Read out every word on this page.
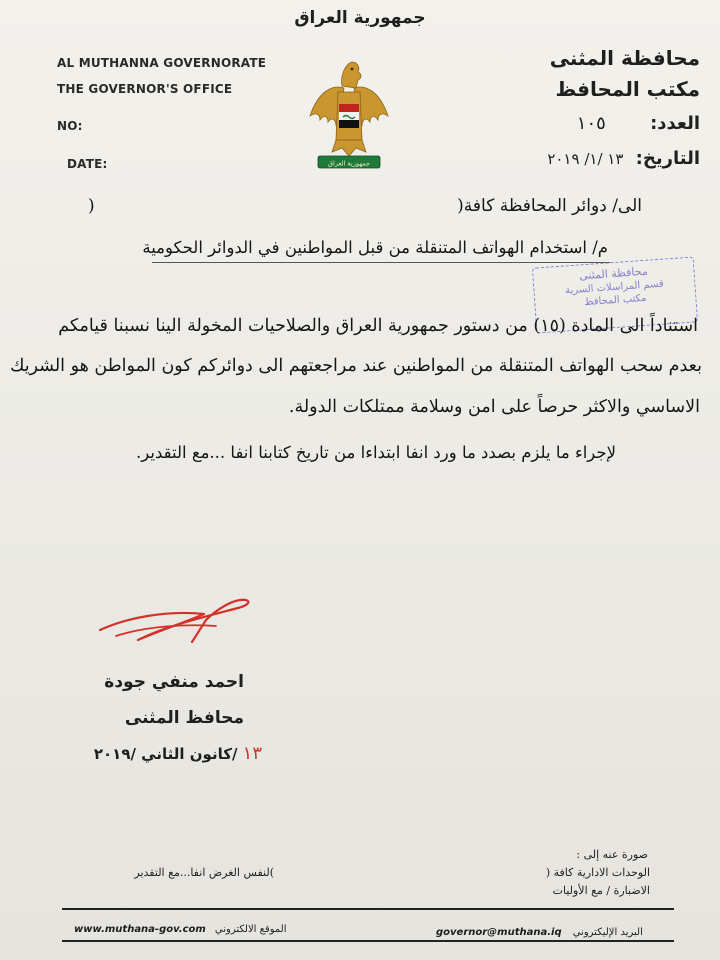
جمهورية العراق
AL MUTHANNA GOVERNORATE
THE GOVERNOR'S OFFICE
NO:
DATE:
محافظة المثنى
مكتب المحافظ
العدد: ١٠٥
التاريخ: ١٣ /١/ ٢٠١٩
جمهورية العراق
الى/ دوائر المحافظة كافة(
)
م/ استخدام الهواتف المتنقلة من قبل المواطنين في الدوائر الحكومية
محافظة المثنى
قسم المراسلات السرية
مكتب المحافظ
استناداً الى المادة (١٥) من دستور جمهورية العراق والصلاحيات المخولة الينا نسبنا قيامكم
بعدم سحب الهواتف المتنقلة من المواطنين عند مراجعتهم الى دوائركم كون المواطن هو الشريك
الاساسي والاكثر حرصاً على امن وسلامة ممتلكات الدولة.
لإجراء ما يلزم بصدد ما ورد انفا ابتداءا من تاريخ كتابنا انفا ...مع التقدير.
احمد منفي جودة
محافظ المثنى
١٣ /كانون الثاني /٢٠١٩
صورة عنه إلى :
الوحدات الادارية كافة (
الاضبارة / مع الأوليات
)لنفس الغرض انفا...مع التقدير
www.muthana-gov.com الموقع الالكتروني	governor@muthana.iq البريد الإليكتروني
